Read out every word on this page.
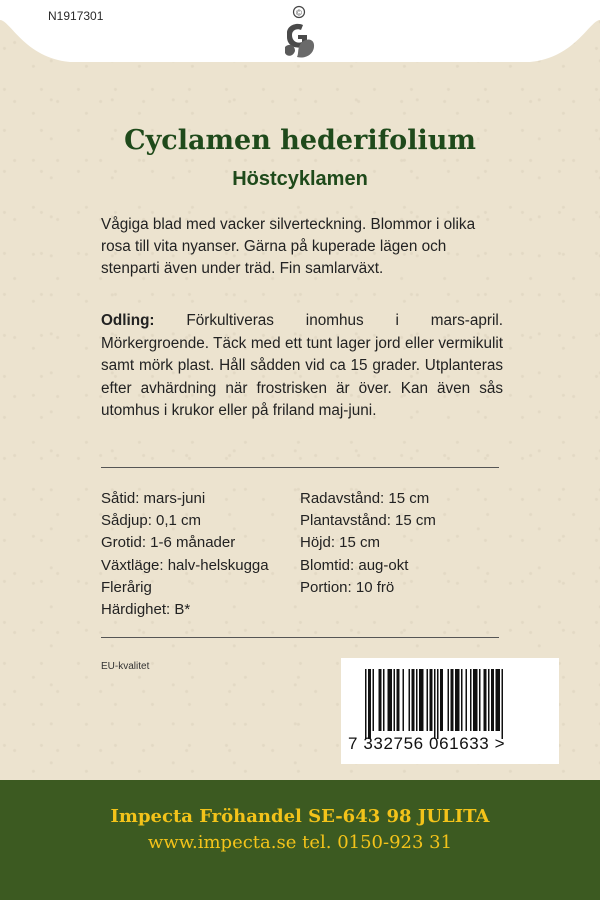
N1917301	©
Cyclamen hederifolium
Höstcyklamen
Vågiga blad med vacker silverteckning. Blommor i olika rosa till vita nyanser. Gärna på kuperade lägen och stenparti även under träd. Fin samlarväxt.
Odling: Förkultiveras inomhus i mars-april. Mörkergroende. Täck med ett tunt lager jord eller vermikulit samt mörk plast. Håll sådden vid ca 15 grader. Utplanteras efter avhärdning när frostrisken är över. Kan även sås utomhus i krukor eller på friland maj-juni.
Såtid: mars-juni
Sådjup: 0,1 cm
Grotid: 1-6 månader
Växtläge: halv-helskugga
Flerårig
Härdighet: B*
Radavstånd: 15 cm
Plantavstånd: 15 cm
Höjd: 15 cm
Blomtid: aug-okt
Portion: 10 frö
EU-kvalitet
7 332756 061633 >
Impecta Fröhandel SE-643 98 JULITA
www.impecta.se tel. 0150-923 31
